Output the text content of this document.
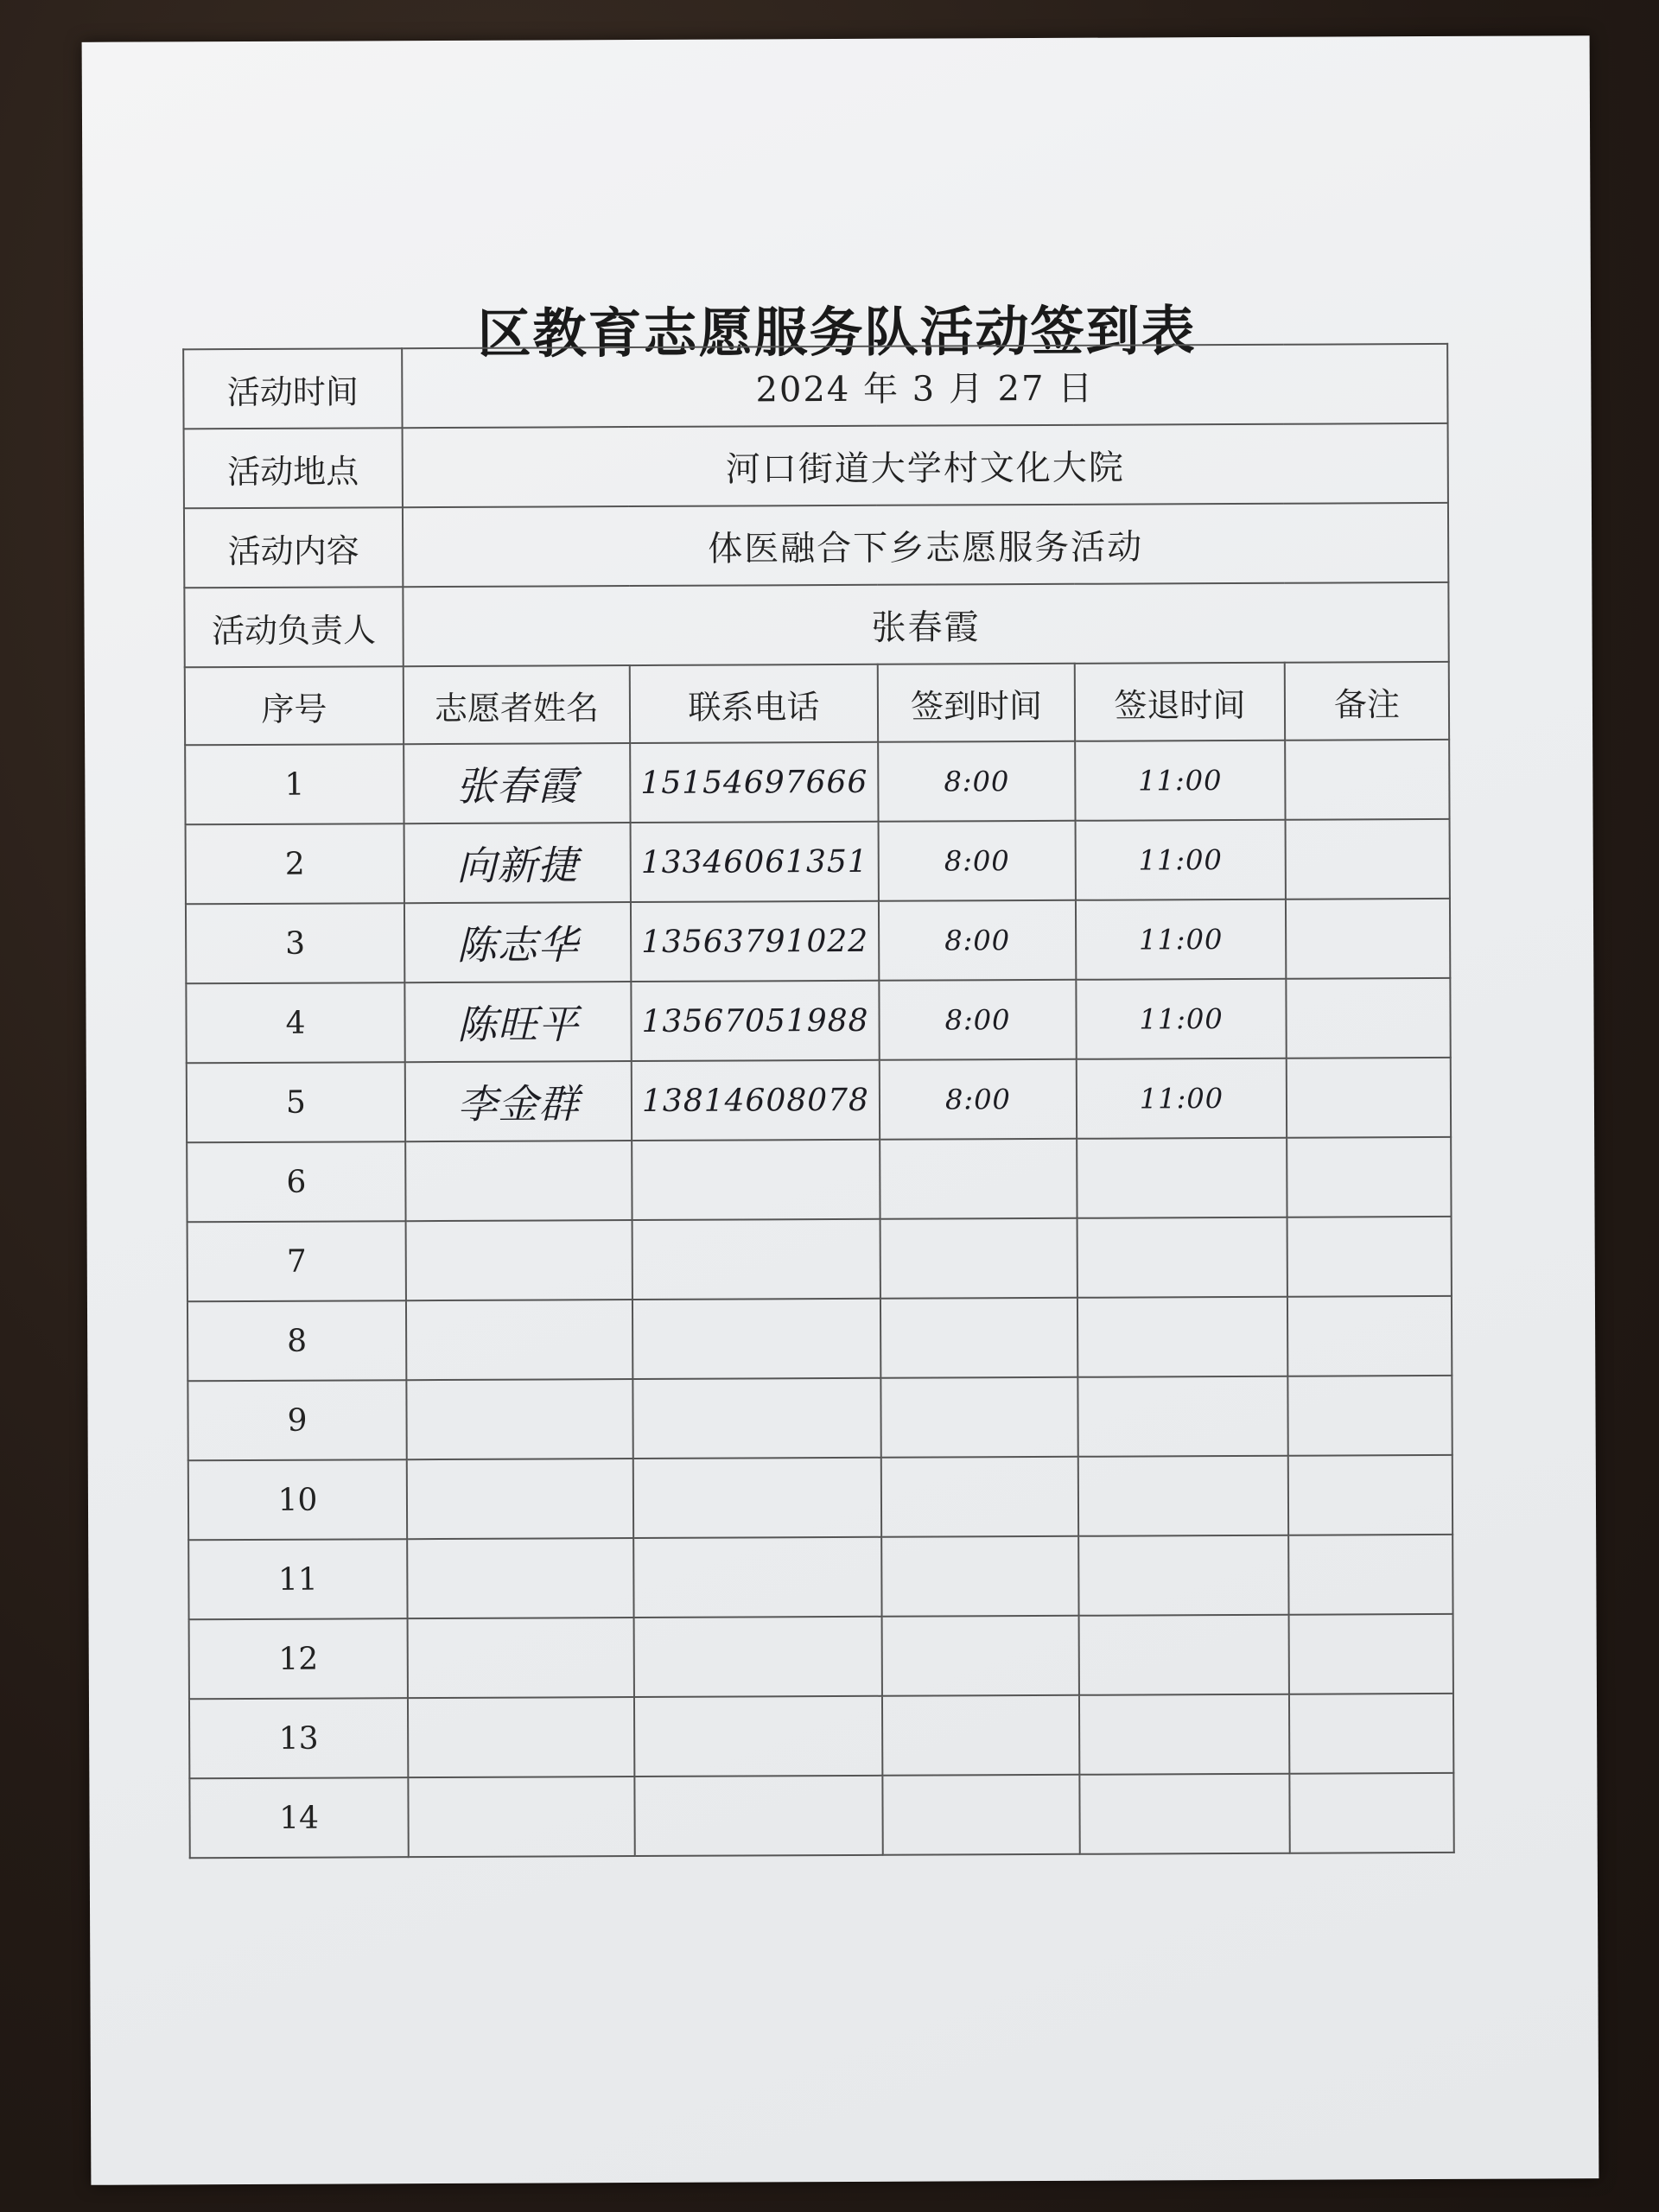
区教育志愿服务队活动签到表
活动时间	2024 年 3 月 27 日				
活动地点	河口街道大学村文化大院				
活动内容	体医融合下乡志愿服务活动				
活动负责人	张春霞				
序号	志愿者姓名	联系电话	签到时间	签退时间	备注
1	张春霞	15154697666	8:00	11:00	
2	向新捷	13346061351	8:00	11:00	
3	陈志华	13563791022	8:00	11:00	
4	陈旺平	13567051988	8:00	11:00	
5	李金群	13814608078	8:00	11:00	
6					
7					
8					
9					
10					
11					
12					
13					
14					
